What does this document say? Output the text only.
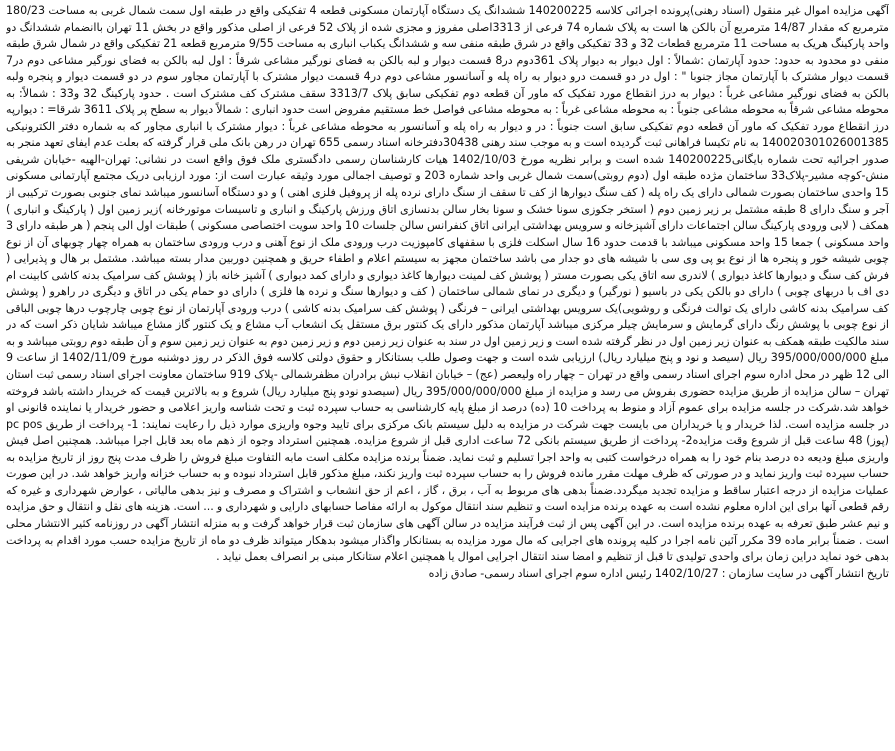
آگهی مزایده اموال غیر منقول (اسناد رهنی)پرونده اجرائی کلاسه 140200225 ششدانگ یک دستگاه آپارتمان مسکونی قطعه 4 تفکیکی واقع در طبقه اول سمت شمال غربی به مساحت 180/23 مترمربع که مقدار 14/87 مترمربع آن بالکن ها است به پلاک شماره 74 فرعی از 3313اصلی مفروز و مجزی شده از پلاک 52 فرعی از اصلی مذکور واقع در بخش 11 تهران باانضمام ششدانگ دو واحد پارکینگ هریک به مساحت 11 مترمربع قطعات 32 و 33 تفکیکی واقع در شرق طبقه منفی سه و ششدانگ یکباب انباری به مساحت 9/55 مترمربع قطعه 21 تفکیکی واقع در شمال شرق طبقه منفی دو محدود به حدود: حدود آپارتمان :شمالاً : اول دیوار به دیوار پلاک 361دوم در8 قسمت دیوار و لبه بالکن به فضای نورگیر مشاعی شرقاً : اول لبه بالکن به فضای نورگیر مشاعی دوم در7 قسمت دیوار مشترک با آپارتمان مجاز جنوبا " : اول در دو قسمت درو دیوار به راه پله و آسانسور مشاعی دوم در4 قسمت دیوار مشترک با آپارتمان مجاور سوم در دو قسمت دیوار و پنجره ولبه بالکن به فضای نورگیر مشاعی غرباً : دیوار به درز انقطاع مورد تفکیک که ماور آن قطعه دوم تفکیکی سابق پلاک 3313/7 سقف مشترک کف مشترک است . حدود پارکینگ 32 و33 : شمالاً: به محوطه مشاعی شرقاً به محوطه مشاعی جنوباً : به محوطه مشاعی غرباً : به محوطه مشاعی فواصل خط مستقیم مفروض است حدود انباری : شمالاً دیوار به سطح پر پلاک 3611 شرقا= : دیوارپه درز انقطاع مورد تفکیک که ماور آن قطعه دوم تفکیکی سابق است جنوباً : در و دیوار به راه پله و آسانسور به محوطه مشاعی غرباً : دیوار مشترک با انباری مجاور که به شماره دفتر الکترونیکی 140020301026001385 به نام تکیسا فراهانی ثبت گردیده است و به موجب سند رهنی 30438دفترخانه اسناد رسمی 655 تهران در رهن بانک ملی قرار گرفته که بعلت عدم ایفای تعهد منجر به صدور اجرائیه تحت شماره بایگانی140200225 شده است و برابر نظریه مورخ 1402/10/03 هیات کارشناسان رسمی دادگستری ملک فوق واقع است در نشانی: تهران-الهیه -خیابان شریفی منش-کوچه مشیر-پلاک33 ساختمان مژده طبقه اول (دوم روبتی)سمت شمال غربی واحد شماره 203 و توصیف اجمالی مورد وثیقه عبارت است از: مورد ارزیابی دریک مجتمع آپارتمانی مسکونی 15 واحدی ساختمان بصورت شمالی دارای یک راه پله ( کف سنگ دیوارها از کف تا سقف از سنگ دارای نرده پله از پروفیل فلزی اهنی ) و دو دستگاه آسانسور میباشد نمای جنوبی بصورت ترکیبی از آجر و سنگ دارای 8 طبقه مشتمل بر زیر زمین دوم ( استخر جکوزی سونا خشک و سونا بخار سالن بدنسازی اتاق ورزش پارکینگ و انباری و تاسیسات موتورخانه )زیر زمین اول ( پارکینگ و انباری ) همکف ( لابی ورودی پارکینگ سالن اجتماعات دارای آشپزخانه و سرویس بهداشتی ایرانی اتاق کنفرانس سالن جلسات 10 واحد سویت اختصاصی مسکونی ) طبقات اول الی پنجم ( هر طبقه دارای 3 واحد مسکونی ) جمعا 15 واحد مسکونی میباشد با قدمت حدود 16 سال اسکلت فلزی با سقفهای کامپوزیت درب ورودی ملک از نوع آهنی و درب ورودی ساختمان به همراه چهار چوبهای آن از نوع چوبی شیشه خور و پنجره ها از نوع یو پی وی سی با شیشه های دو جدار می باشد ساختمان مجهز به سیستم اعلام و اطفاء حریق و همچنین دوربین مدار بسته میباشد. مشتمل بر هال و پذیرایی ( فرش کف سنگ و دیوارها کاغذ دیواری ) لاندری سه اتاق یکی بصورت مستر ( پوشش کف لمینت دیوارها کاغذ دیواری و دارای کمد دیواری ) آشپز خانه باز ( پوشش کف سرامیک بدنه کاشی کابینت ام دی اف با دربهای چوبی ) دارای دو بالکن یکی در باسیو ( نورگیر) و دیگری در نمای شمالی ساختمان ( کف و دیوارها سنگ و نرده ها فلزی ) دارای دو حمام یکی در اتاق و دیگری در راهرو ( پوشش کف سرامیک بدنه کاشی دارای یک توالت فرنگی و روشویی)یک سرویس بهداشتی ایرانی – فرنگی ( پوشش کف سرامیک بدنه کاشی ) درب ورودی آپارتمان از نوع چوبی چارچوب درها چوبی الباقی از نوع چوبی با پوشش رنگ دارای گرمایش و سرمایش چیلر مرکزی میباشد آپارتمان مذکور دارای یک کنتور برق مستقل یک انشعاب آب مشاع و یک کنتور گاز مشاع میباشد شایان ذکر است که در سند مالکیت طبقه همکف به عنوان زیر زمین اول در نظر گرفته شده است و زیر زمین اول در سند به عنوان زیر زمین دوم و زیر زمین دوم به عنوان زیر زمین سوم و آن طبقه دوم روبتی میباشد و به مبلغ 395/000/000/000 ریال (سیصد و نود و پنج میلیارد ریال) ارزیابی شده است و جهت وصول طلب بستانکار و حقوق دولتی کلاسه فوق الذکر در روز دوشنبه مورخ 1402/11/09 از ساعت 9 الی 12 ظهر در محل اداره سوم اجرای اسناد رسمی واقع در تهران – چهار راه ولیعصر (عج) – خیابان انقلاب نبش برادران مظفرشمالی -پلاک 919 ساختمان معاونت اجرای اسناد رسمی ثبت استان تهران – سالن مزایده از طریق مزایده حضوری بفروش می رسد و مزایده از مبلغ 395/000/000/000 ریال (سیصدو نودو پنج میلیارد ریال) شروع و به بالاترین قیمت که خریدار داشته باشد فروخته خواهد شد.شرکت در جلسه مزایده برای عموم آزاد و منوط به پرداخت 10 (ده) درصد از مبلغ پایه کارشناسی به حساب سپرده ثبت و تحت شناسه واریز اعلامی و حضور خریدار یا نماینده قانونی او در جلسه مزایده است. لذا خریدار و یا خریداران می بایست جهت شرکت در مزایده به دلیل سیستم بانک مرکزی برای تایید وجوه واریزی موارد ذیل را رعایت نمایند: 1- پرداخت از طریق pc pos (پوز) 48 ساعت قبل از شروع وقت مزایده2- پرداخت از طریق سیستم بانکی 72 ساعت اداری قبل از شروع مزایده. همچنین استرداد وجوه از ذهم ماه بعد قابل اجرا میباشد. همچنین اصل فیش واریزی مبلغ ودیعه ده درصد بنام خود را به همراه درخواست کتبی به واحد اجرا تسلیم و ثبت نماید. ضمناً برنده مزایده مکلف است مابه التفاوت مبلغ فروش را ظرف مدت پنج روز از تاریخ مزایده به حساب سپرده ثبت واریز نماید و در صورتی که ظرف مهلت مقرر مانده فروش را به حساب سپرده ثبت واریز نکند، مبلغ مذکور قابل استرداد نبوده و به حساب خزانه واریز خواهد شد. در این صورت عملیات مزایده از درجه اعتبار ساقط و مزایده تجدید میگردد.ضمناً بدهی های مربوط به آب ، برق ، گاز ، اعم از حق انشعاب و اشتراک و مصرف و نیز بدهی مالیاتی ، عوارض شهرداری و غیره که رقم قطعی آنها برای این اداره معلوم نشده است به عهده برنده مزایده است و تنظیم سند انتقال موکول به ارائه مفاصا حسابهای دارایی و شهرداری و ... است. هزینه های نقل و انتقال و حق مزایده و نیم عشر طبق تعرفه به عهده برنده مزایده است. در این آگهی پس از ثبت فرآیند مزایده در سالن آگهی های سازمان ثبت قرار خواهد گرفت و به منزله انتشار آگهی در روزنامه کثیر الانتشار محلی است . ضمناً برابر ماده 39 مکرر آئین نامه اجرا در کلیه پرونده های اجرایی که مال مورد مزایده به بستانکار واگذار میشود بدهکار میتواند ظرف دو ماه از تاریخ مزایده حسب مورد اقدام به پرداخت بدهی خود نماید دراین زمان برای واحدی تولیدی تا قبل از تنظیم و امضا سند انتقال اجرایی اموال یا همچنین اعلام ستانکار مبنی بر انصراف بعمل نیاید .

تاریخ انتشار آگهی در سایت سازمان : 1402/10/27 رئیس اداره سوم اجرای اسناد رسمی- صادق زاده
